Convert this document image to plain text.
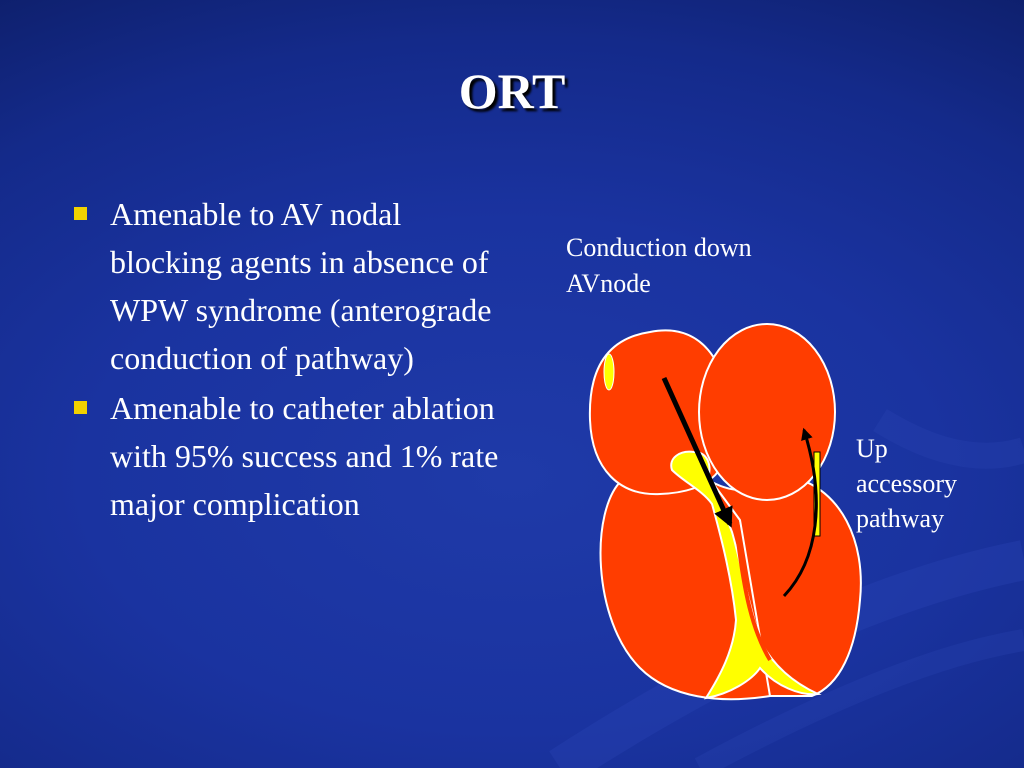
ORT
Amenable to AV nodal blocking agents in absence of WPW syndrome (anterograde conduction of pathway)
Amenable to catheter ablation with 95% success and 1% rate major complication
Conduction down
AVnode
Up
accessory
pathway
